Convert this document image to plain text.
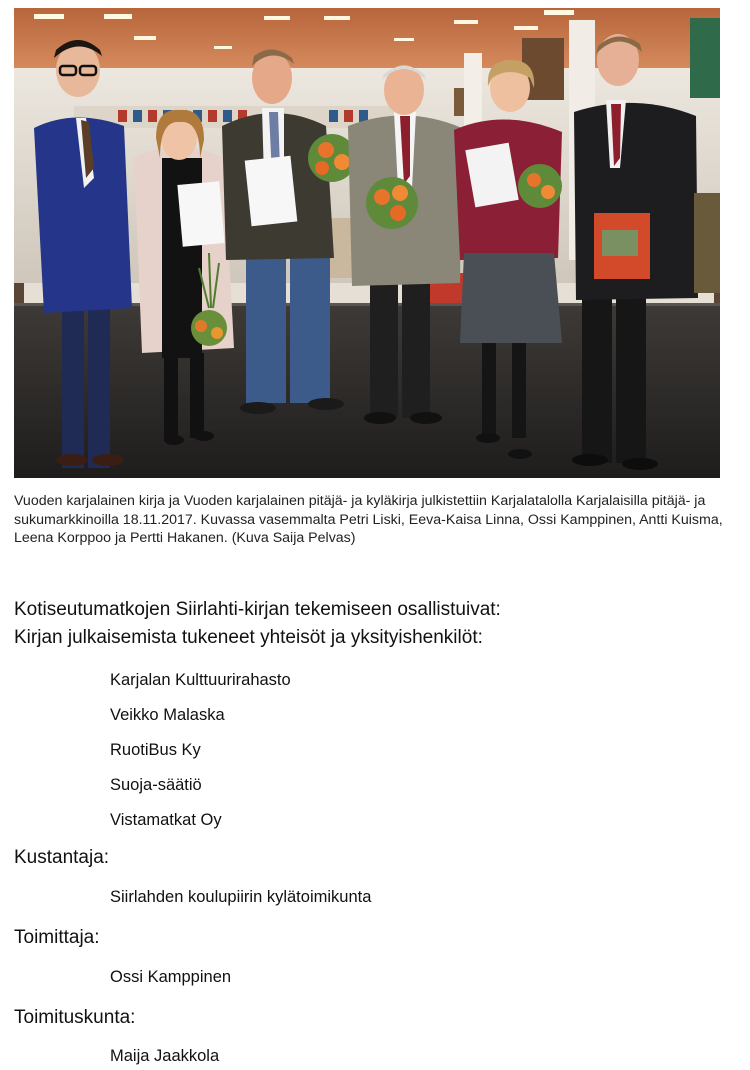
Vuoden karjalainen kirja ja Vuoden karjalainen pitäjä- ja kyläkirja julkistettiin Karjalatalolla Karjalaisilla pitäjä- ja sukumarkkinoilla 18.11.2017. Kuvassa vasemmalta Petri Liski, Eeva-Kaisa Linna, Ossi Kamppinen, Antti Kuisma, Leena Korppoo ja Pertti Hakanen. (Kuva Saija Pelvas)
Kotiseutumatkojen Siirlahti-kirjan tekemiseen osallistuivat:
Kirjan julkaisemista tukeneet yhteisöt ja yksityishenkilöt:
Karjalan Kulttuurirahasto
Veikko Malaska
RuotiBus Ky
Suoja-säätiö
Vistamatkat Oy
Kustantaja:
Siirlahden koulupiirin kylätoimikunta
Toimittaja:
Ossi Kamppinen
Toimituskunta:
Maija Jaakkola
